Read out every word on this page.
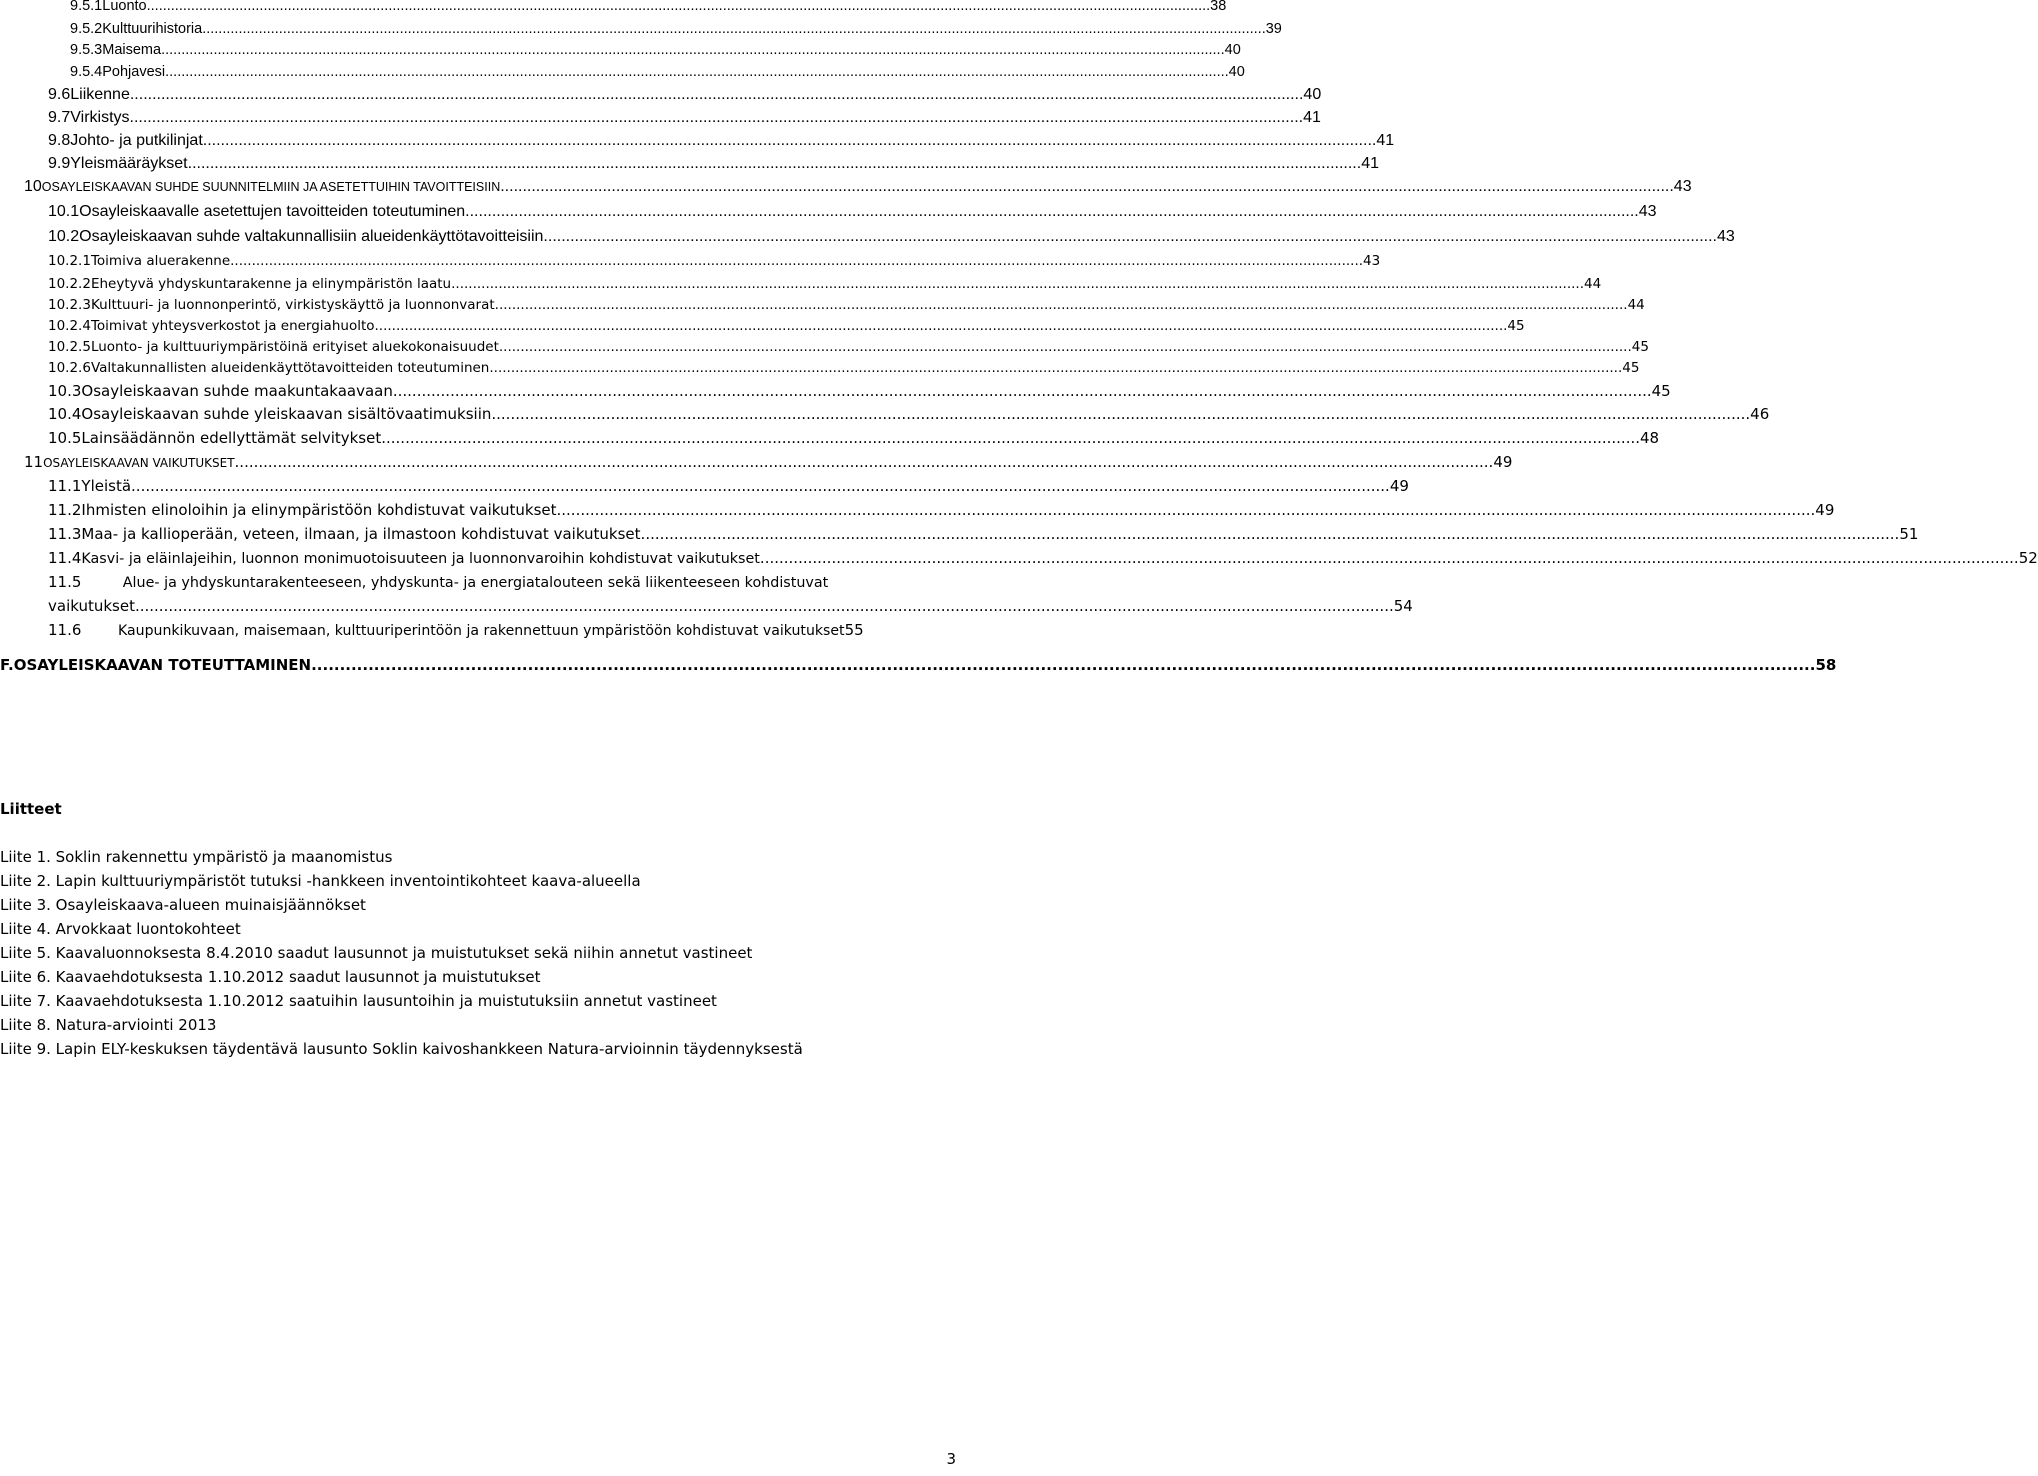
9.5.1 Luonto .....	38
9.5.2 Kulttuurihistoria .....	39
9.5.3 Maisema .....	40
9.5.4 Pohjavesi .....	40
9.6 Liikenne .....	40
9.7 Virkistys .....	41
9.8 Johto- ja putkilinjat .....	41
9.9 Yleismääräykset .....	41
10 OSAYLEISKAAVAN SUHDE SUUNNITELMIIN JA ASETETTUIHIN TAVOITTEISIIN .....	43
10.1 Osayleiskaavalle asetettujen tavoitteiden toteutuminen .....	43
10.2 Osayleiskaavan suhde valtakunnallisiin alueidenkäyttötavoitteisiin .....	43
10.2.1 Toimiva aluerakenne .....	43
10.2.2 Eheytyvä yhdyskuntarakenne ja elinympäristön laatu .....	44
10.2.3 Kulttuuri- ja luonnonperintö, virkistyskäyttö ja luonnonvarat .....	44
10.2.4 Toimivat yhteysverkostot ja energiahuolto .....	45
10.2.5 Luonto- ja kulttuuriympäristöinä erityiset aluekokonaisuudet .....	45
10.2.6 Valtakunnallisten alueidenkäyttötavoitteiden toteutuminen .....	45
10.3 Osayleiskaavan suhde maakuntakaavaan .....	45
10.4 Osayleiskaavan suhde yleiskaavan sisältövaatimuksiin .....	46
10.5 Lainsäädännön edellyttämät selvitykset .....	48
11 OSAYLEISKAAVAN VAIKUTUKSET .....	49
11.1 Yleistä .....	49
11.2 Ihmisten elinoloihin ja elinympäristöön kohdistuvat vaikutukset .....	49
11.3 Maa- ja kallioperään, veteen, ilmaan, ja ilmastoon kohdistuvat vaikutukset .....	51
11.4 Kasvi- ja eläinlajeihin, luonnon monimuotoisuuteen ja luonnonvaroihin kohdistuvat vaikutukset .....	52
11.5	Alue- ja yhdyskuntarakenteeseen, yhdyskunta- ja energiatalouteen sekä liikenteeseen kohdistuvat
vaikutukset .....	54
11.6	Kaupunkikuvaan, maisemaan, kulttuuriperintöön ja rakennettuun ympäristöön kohdistuvat vaikutukset 55
F. OSAYLEISKAAVAN TOTEUTTAMINEN .....	58
Liitteet
Liite 1. Soklin rakennettu ympäristö ja maanomistus
Liite 2. Lapin kulttuuriympäristöt tutuksi -hankkeen inventointikohteet kaava-alueella
Liite 3. Osayleiskaava-alueen muinaisjäännökset
Liite 4. Arvokkaat luontokohteet
Liite 5. Kaavaluonnoksesta 8.4.2010 saadut lausunnot ja muistutukset sekä niihin annetut vastineet
Liite 6. Kaavaehdotuksesta 1.10.2012 saadut lausunnot ja muistutukset
Liite 7. Kaavaehdotuksesta 1.10.2012 saatuihin lausuntoihin ja muistutuksiin annetut vastineet
Liite 8. Natura-arviointi 2013
Liite 9. Lapin ELY-keskuksen täydentävä lausunto Soklin kaivoshankkeen Natura-arvioinnin täydennyksestä
3
